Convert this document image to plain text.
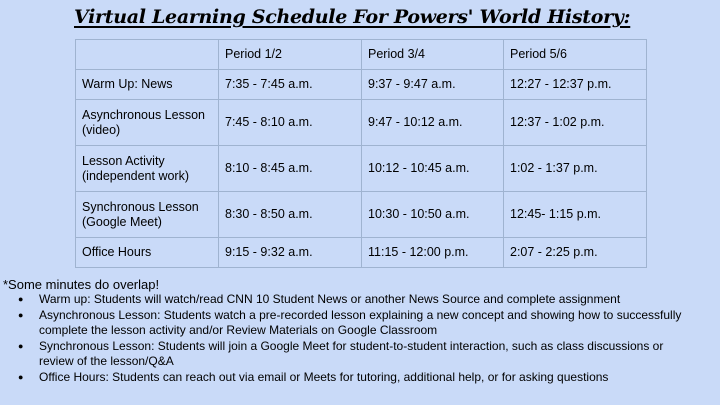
Virtual Learning Schedule For Powers' World History:
	Period 1/2	Period 3/4	Period 5/6
Warm Up: News	7:35 - 7:45 a.m.	9:37 - 9:47 a.m.	12:27 - 12:37 p.m.
Asynchronous Lesson (video)	7:45 - 8:10 a.m.	9:47 - 10:12 a.m.	12:37 - 1:02 p.m.
Lesson Activity (independent work)	8:10 - 8:45 a.m.	10:12 - 10:45 a.m.	1:02 - 1:37 p.m.
Synchronous Lesson (Google Meet)	8:30 - 8:50 a.m.	10:30 - 10:50 a.m.	12:45- 1:15 p.m.
Office Hours	9:15 - 9:32 a.m.	11:15 - 12:00 p.m.	2:07 - 2:25 p.m.
*Some minutes do overlap!
● Warm up: Students will watch/read CNN 10 Student News or another News Source and complete assignment
● Asynchronous Lesson: Students watch a pre-recorded lesson explaining a new concept and showing how to successfully complete the lesson activity and/or Review Materials on Google Classroom
● Synchronous Lesson: Students will join a Google Meet for student-to-student interaction, such as class discussions or review of the lesson/Q&A
● Office Hours: Students can reach out via email or Meets for tutoring, additional help, or for asking questions
